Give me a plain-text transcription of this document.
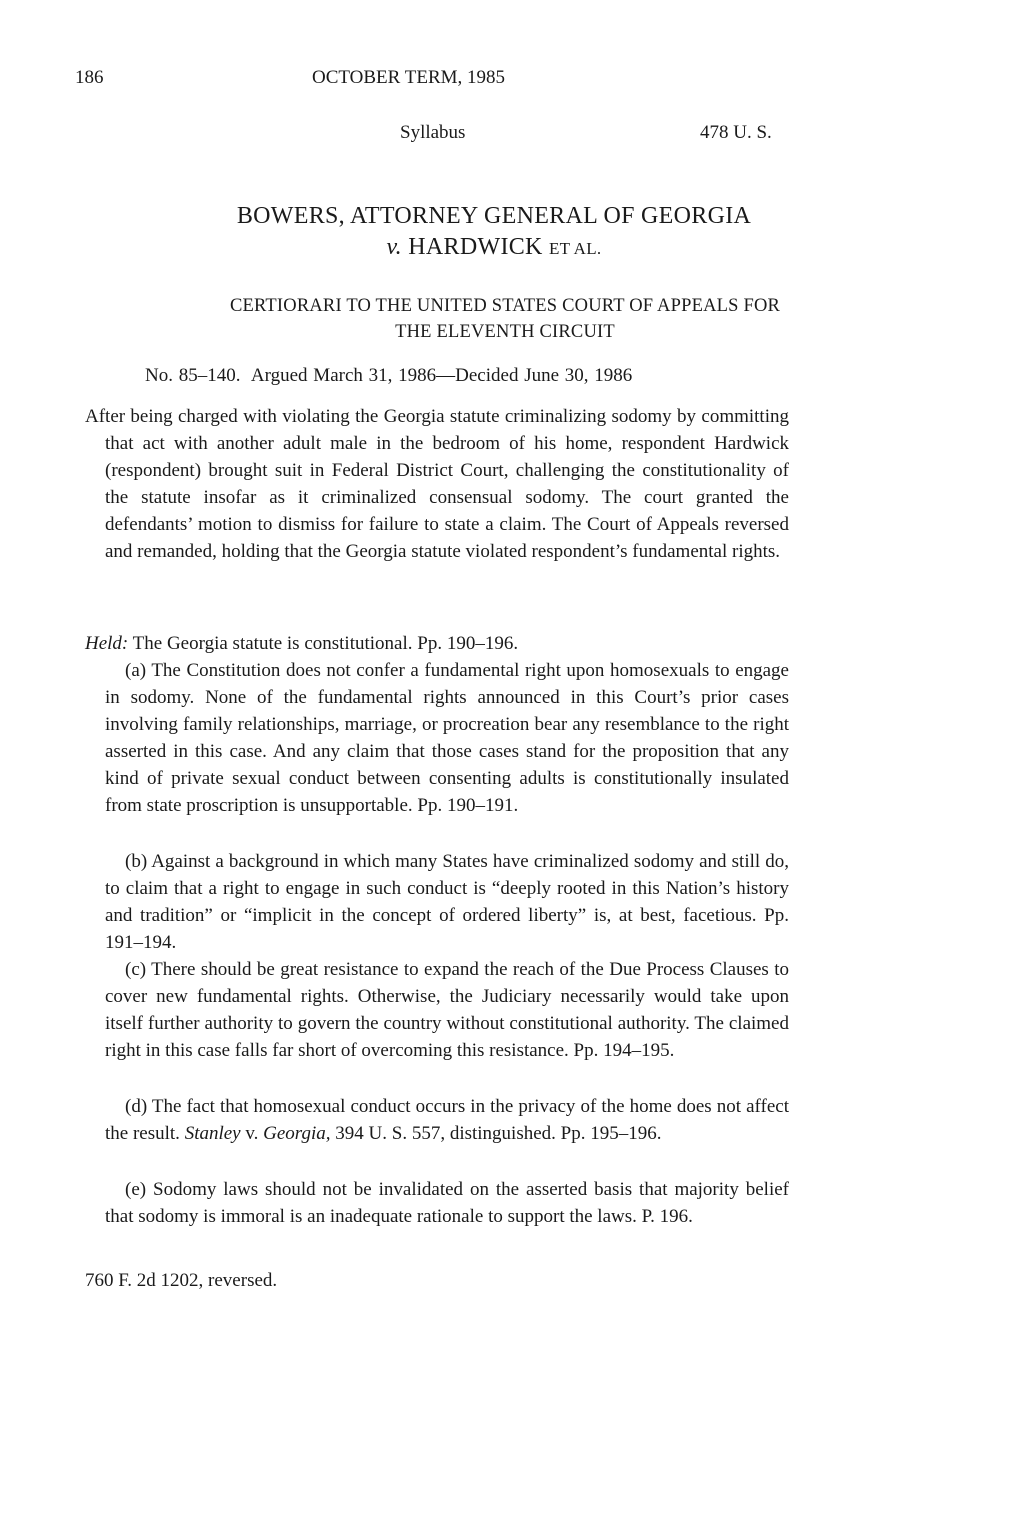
186	OCTOBER TERM, 1985
Syllabus	478 U. S.
BOWERS, ATTORNEY GENERAL OF GEORGIA
v. HARDWICK ET AL.
CERTIORARI TO THE UNITED STATES COURT OF APPEALS FOR
THE ELEVENTH CIRCUIT
No. 85–140.  Argued March 31, 1986—Decided June 30, 1986
After being charged with violating the Georgia statute criminalizing sodomy by committing that act with another adult male in the bedroom of his home, respondent Hardwick (respondent) brought suit in Federal District Court, challenging the constitutionality of the statute insofar as it criminalized consensual sodomy. The court granted the defendants’ motion to dismiss for failure to state a claim. The Court of Appeals reversed and remanded, holding that the Georgia statute violated respondent’s fundamental rights.
Held: The Georgia statute is constitutional. Pp. 190–196.
(a) The Constitution does not confer a fundamental right upon homosexuals to engage in sodomy. None of the fundamental rights announced in this Court’s prior cases involving family relationships, marriage, or procreation bear any resemblance to the right asserted in this case. And any claim that those cases stand for the proposition that any kind of private sexual conduct between consenting adults is constitutionally insulated from state proscription is unsupportable. Pp. 190–191.
(b) Against a background in which many States have criminalized sodomy and still do, to claim that a right to engage in such conduct is “deeply rooted in this Nation’s history and tradition” or “implicit in the concept of ordered liberty” is, at best, facetious. Pp. 191–194.
(c) There should be great resistance to expand the reach of the Due Process Clauses to cover new fundamental rights. Otherwise, the Judiciary necessarily would take upon itself further authority to govern the country without constitutional authority. The claimed right in this case falls far short of overcoming this resistance. Pp. 194–195.
(d) The fact that homosexual conduct occurs in the privacy of the home does not affect the result. Stanley v. Georgia, 394 U. S. 557, distinguished. Pp. 195–196.
(e) Sodomy laws should not be invalidated on the asserted basis that majority belief that sodomy is immoral is an inadequate rationale to support the laws. P. 196.
760 F. 2d 1202, reversed.
